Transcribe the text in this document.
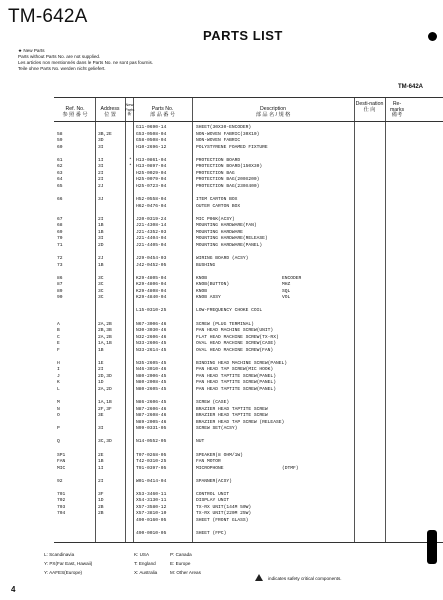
TM-642A
PARTS LIST
★ New Parts
Parts without Parts No. are not supplied.
Les articles non mentionnés dans le Parts No. ne sont pas fournis.
Teile ohne Parts No. werden nicht geliefert.
TM-642A
Ref. No.
参 照 番 号
Address
位 置
New Parts
新
Parts No.
部 品 番 号
Description
部 品 名 / 規 格
Desti-nation
仕 向
Re-marks
備考
G11-0690-14	SHEET(30X30-ENCODER)
58	3B,2E	G53-0508-04	NON-WOVEN FABRIC(30X10)
59	3D	G58-0508-04	NON-WOVEN FABRIC
60	3I	H10-2696-12	POLYSTYRENE FOAMED FIXTURE
61	1I	* H13-0861-04	PROTECTION BOARD
62	3I	* H13-0897-04	PROTECTION BOARD(150X30)
63	2I	H25-0029-04	PROTECTION BAG
64	2I	H25-0079-04	PROTECTION BAG(200X200)
65	2J	H25-0723-04	PROTECTION BAG(230X400)
66	3J	H52-0558-04	ITEM CARTON BOX
H62-0476-04	OUTER CARTON BOX
67	2I	J20-0319-24	MIC P06K(ACSY)
68	1B	J21-4308-14	MOUNTING HARDWARE(FAN)
69	1B	J21-4352-03	MOUNTING HARDWARE
70	3I	J21-4404-04	MOUNTING HARDWARE(RELEASE)
71	2D	J21-4405-04	MOUNTING HARDWARE(PANEL)
72	2J	J29-0454-03	WIRING BOARD (ACSY)
73	1B	J42-0452-05	BUSHING
86	3C	K29-4805-04	KNOB	ENCODER
87	3C	K29-4806-04	KNOB(BUTTON)	MHZ
89	3C	K29-4808-04	KNOB	SQL
90	3C	K29-4840-04	KNOB ASSY	VOL
L15-0310-25	LOW-FREQUENCY CHOKE COIL
A	2A,2B	N67-3006-46	SCREW (PLUG TERMINAL)
B	2B,3B	N30-3030-46	PAN HEAD MACHINE SCREW(UNIT)
C	2A,2B	N32-2606-46	FLAT HEAD MACHINE SCREW(TX-RX)
E	1A,1B	N33-2606-45	OVAL HEAD MACHINE SCREW(CASE)
F	1B	N33-2614-45	OVAL HEAD MACHINE SCREW(FAN)
H	1E	N35-2605-45	BINDING HEAD MACHINE SCREW(PANEL)
I	2I	N46-3010-46	PAN HEAD TAP SCREW(MIC HOOK)
J	2D,3D	N80-2006-45	PAN HEAD TAPTITE SCREW(PANEL)
K	1D	N80-2008-45	PAN HEAD TAPTITE SCREW(PANEL)
L	2A,2D	N80-2605-45	PAN HEAD TAPTITE SCREW(PANEL)
M	1A,1B	N86-2606-45	SCREW (CASE)
N	2F,3F	N87-2606-46	BRAZIER HEAD TAPTITE SCREW
O	3E	N87-2608-46	BRAZIER HEAD TAPTITE SCREW
N89-2005-46	BRAZIER HEAD TAP SCREW (RELEASE)
P	3I	N99-0331-05	SCREW SET(ACSY)
Q	3C,3D	N14-0552-05	NUT
SP1	2E	T07-0268-05	SPEAKER(8 OHM/1W)
FAN	1B	T42-0310-25	FAN MOTOR
MIC	1I	T91-0397-05	MICROPHONE	(DTMF)
92	2I	W01-0414-04	SPANNER(ACSY)
701	3F	X53-3460-11	CONTROL UNIT
702	1D	X54-3130-11	DISPLAY UNIT
703	2B	X57-3580-12	TX-RX UNIT(144M 50W)
704	2B	X57-3810-10	TX-RX UNIT(220M 25W)
490-0160-05	SHEET (FRONT GLASS)
490-0010-05	SHEET (FPC)
L: Scandinavia
Y: PX(Far East, Hawaii)
Y: AAFES(Europe)
K: USA
T: England
X: Australia
P: Canada
E: Europe
M: Other Areas
indicates safety critical components.
4
